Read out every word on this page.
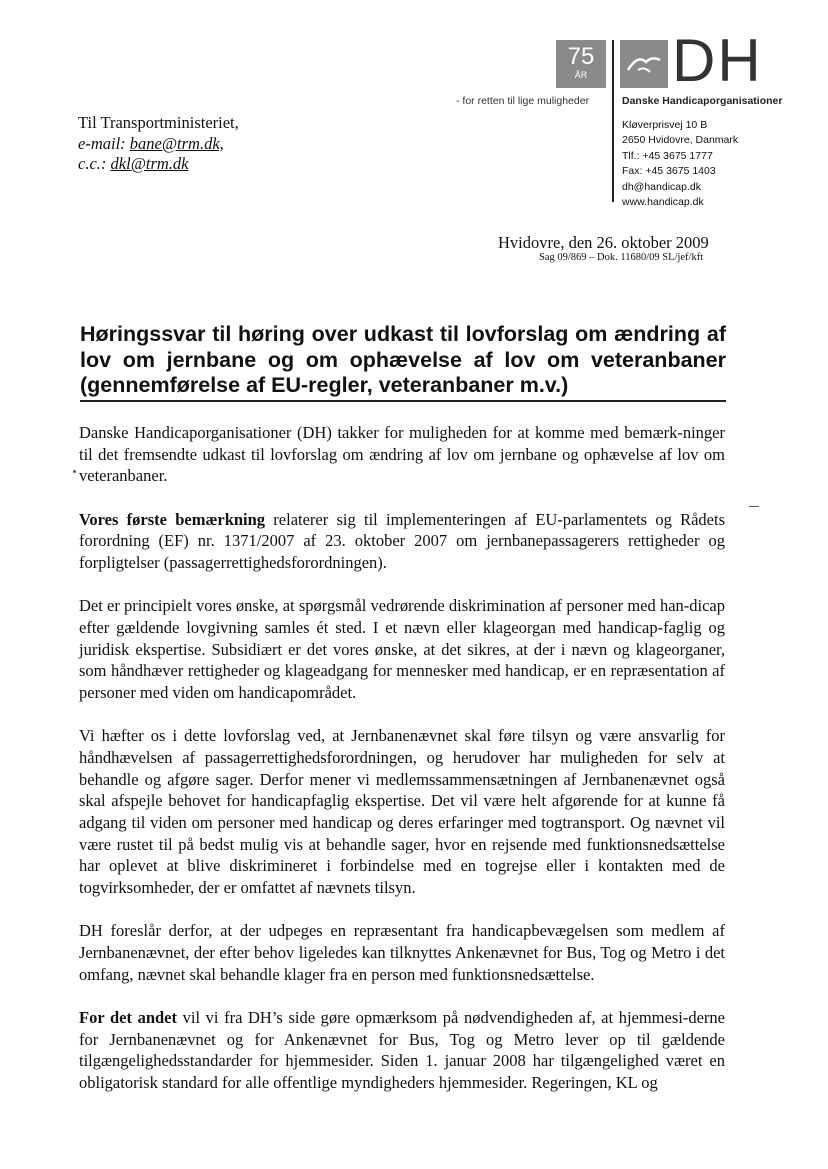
75
ÅR	DH
- for retten til lige muligheder	Danske Handicaporganisationer
Kløverprisvej 10 B
2650 Hvidovre, Danmark
Tlf.: +45 3675 1777
Fax: +45 3675 1403
dh@handicap.dk
www.handicap.dk
Til Transportministeriet,
e-mail: bane@trm.dk,
c.c.: dkl@trm.dk
Hvidovre, den 26. oktober 2009
Sag 09/869 – Dok. 11680/09 SL/jef/kft
Høringssvar til høring over udkast til lovforslag om ændring af lov om jernbane og om ophævelse af lov om veteranbaner (gennemførelse af EU-regler, veteranbaner m.v.)

Danske Handicaporganisationer (DH) takker for muligheden for at komme med bemærk-ninger til det fremsendte udkast til lovforslag om ændring af lov om jernbane og ophævelse af lov om veteranbaner.

Vores første bemærkning relaterer sig til implementeringen af EU-parlamentets og Rådets forordning (EF) nr. 1371/2007 af 23. oktober 2007 om jernbanepassagerers rettigheder og forpligtelser (passagerrettighedsforordningen).

Det er principielt vores ønske, at spørgsmål vedrørende diskrimination af personer med han-dicap efter gældende lovgivning samles ét sted. I et nævn eller klageorgan med handicap-faglig og juridisk ekspertise. Subsidiært er det vores ønske, at det sikres, at der i nævn og klageorganer, som håndhæver rettigheder og klageadgang for mennesker med handicap, er en repræsentation af personer med viden om handicapområdet.

Vi hæfter os i dette lovforslag ved, at Jernbanenævnet skal føre tilsyn og være ansvarlig for håndhævelsen af passagerrettighedsforordningen, og herudover har muligheden for selv at behandle og afgøre sager. Derfor mener vi medlemssammensætningen af Jernbanenævnet også skal afspejle behovet for handicapfaglig ekspertise. Det vil være helt afgørende for at kunne få adgang til viden om personer med handicap og deres erfaringer med togtransport. Og nævnet vil være rustet til på bedst mulig vis at behandle sager, hvor en rejsende med funktionsnedsættelse har oplevet at blive diskrimineret i forbindelse med en togrejse eller i kontakten med de togvirksomheder, der er omfattet af nævnets tilsyn.

DH foreslår derfor, at der udpeges en repræsentant fra handicapbevægelsen som medlem af Jernbanenævnet, der efter behov ligeledes kan tilknyttes Ankenævnet for Bus, Tog og Metro i det omfang, nævnet skal behandle klager fra en person med funktionsnedsættelse.

For det andet vil vi fra DH’s side gøre opmærksom på nødvendigheden af, at hjemmesi-derne for Jernbanenævnet og for Ankenævnet for Bus, Tog og Metro lever op til gældende tilgængelighedsstandarder for hjemmesider. Siden 1. januar 2008 har tilgængelighed været en obligatorisk standard for alle offentlige myndigheders hjemmesider. Regeringen, KL og
